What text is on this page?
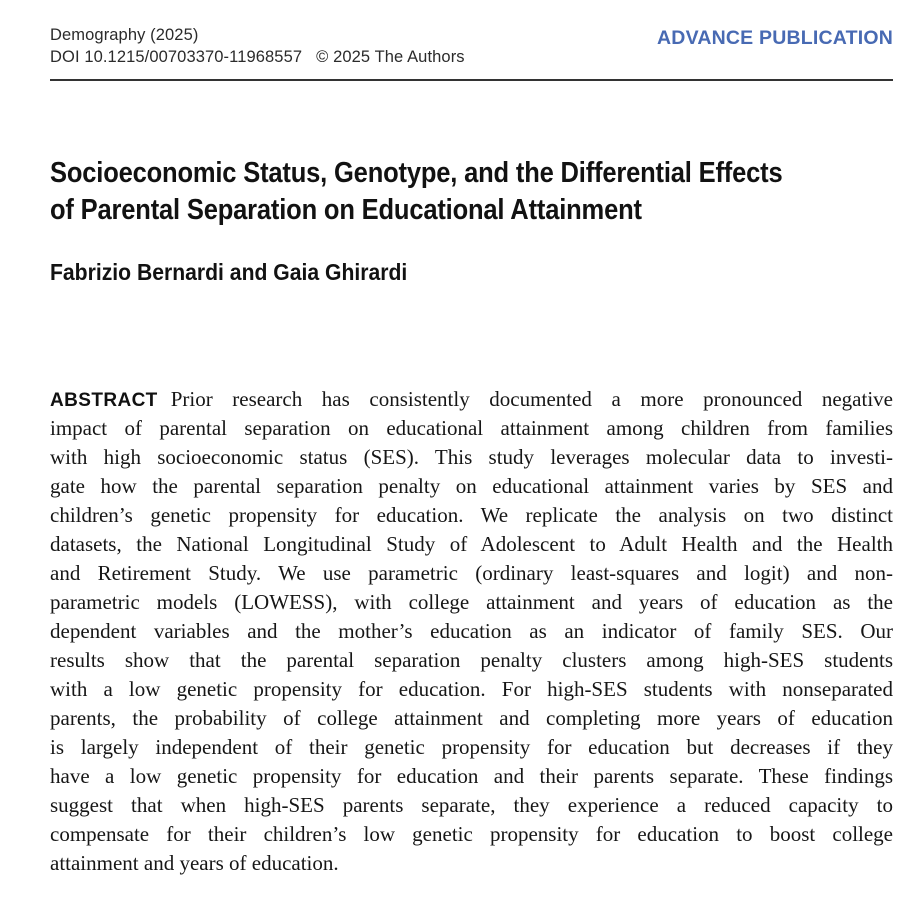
Demography (2025)
DOI 10.1215/00703370-11968557 © 2025 The Authors
ADVANCE PUBLICATION
Socioeconomic Status, Genotype, and the Differential Effects
of Parental Separation on Educational Attainment
Fabrizio Bernardi and Gaia Ghirardi
ABSTRACT Prior research has consistently documented a more pronounced negative
impact of parental separation on educational attainment among children from families
with high socioeconomic status (SES). This study leverages molecular data to investi-
gate how the parental separation penalty on educational attainment varies by SES and
children’s genetic propensity for education. We replicate the analysis on two distinct
datasets, the National Longitudinal Study of Adolescent to Adult Health and the Health
and Retirement Study. We use parametric (ordinary least-squares and logit) and non-
parametric models (LOWESS), with college attainment and years of education as the
dependent variables and the mother’s education as an indicator of family SES. Our
results show that the parental separation penalty clusters among high-SES students
with a low genetic propensity for education. For high-SES students with nonseparated
parents, the probability of college attainment and completing more years of education
is largely independent of their genetic propensity for education but decreases if they
have a low genetic propensity for education and their parents separate. These findings
suggest that when high-SES parents separate, they experience a reduced capacity to
compensate for their children’s low genetic propensity for education to boost college
attainment and years of education.
